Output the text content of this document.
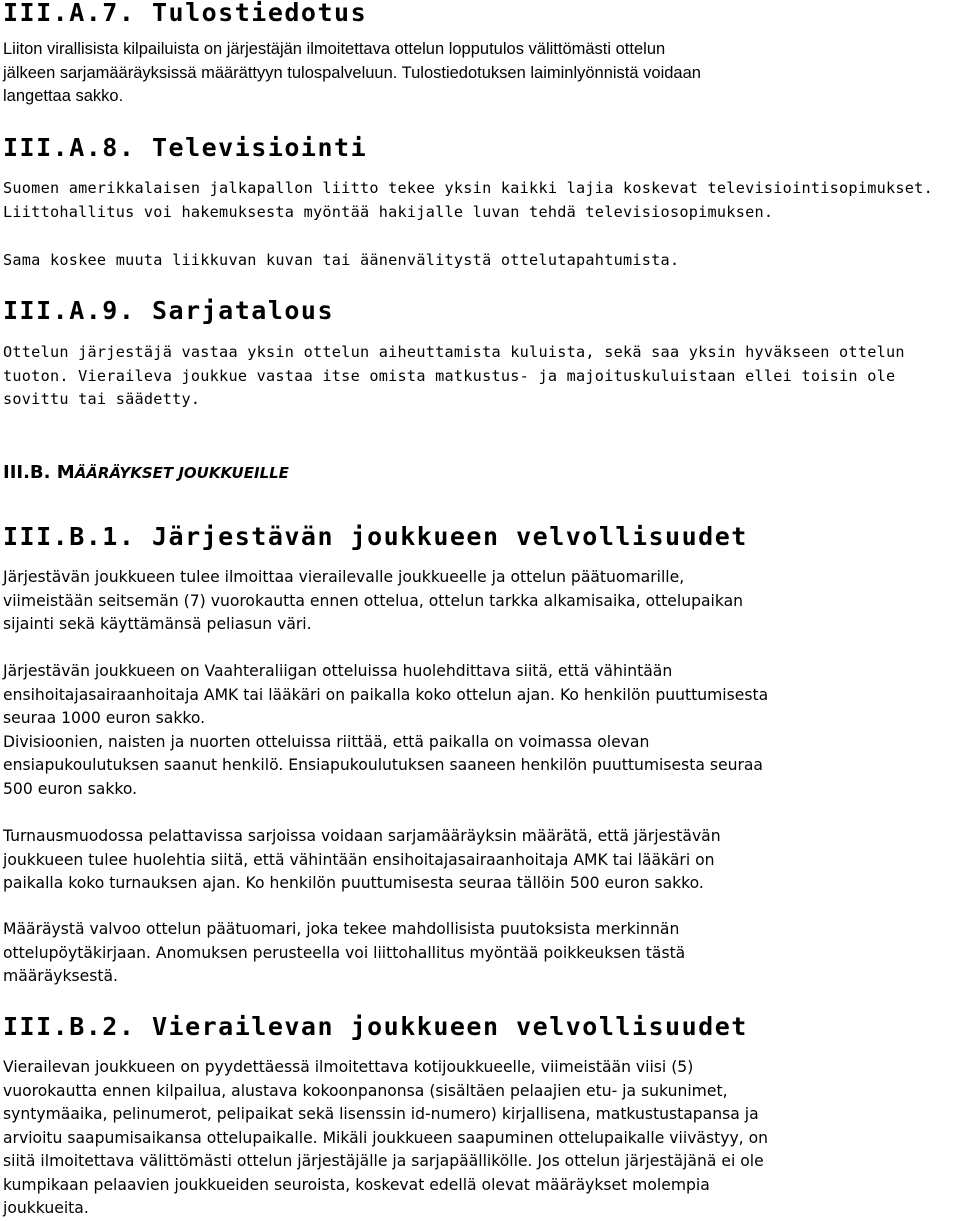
III.A.7. Tulostiedotus
Liiton virallisista kilpailuista on järjestäjän ilmoitettava ottelun lopputulos välittömästi ottelun
jälkeen sarjamääräyksissä määrättyyn tulospalveluun. Tulostiedotuksen laiminlyönnistä voidaan
langettaa sakko.
III.A.8. Televisiointi
Suomen amerikkalaisen jalkapallon liitto tekee yksin kaikki lajia koskevat televisiointisopimukset.
Liittohallitus voi hakemuksesta myöntää hakijalle luvan tehdä televisiosopimuksen.
Sama koskee muuta liikkuvan kuvan tai äänenvälitystä ottelutapahtumista.
III.A.9. Sarjatalous
Ottelun järjestäjä vastaa yksin ottelun aiheuttamista kuluista, sekä saa yksin hyväkseen ottelun
tuoton. Vieraileva joukkue vastaa itse omista matkustus- ja majoituskuluistaan ellei toisin ole
sovittu tai säädetty.
III.B. MÄÄRÄYKSET JOUKKUEILLE
III.B.1. Järjestävän joukkueen velvollisuudet
Järjestävän joukkueen tulee ilmoittaa vierailevalle joukkueelle ja ottelun päätuomarille,
viimeistään seitsemän (7) vuorokautta ennen ottelua, ottelun tarkka alkamisaika, ottelupaikan
sijainti sekä käyttämänsä peliasun väri.
Järjestävän joukkueen on Vaahteraliigan otteluissa huolehdittava siitä, että vähintään
ensihoitajasairaanhoitaja AMK tai lääkäri on paikalla koko ottelun ajan. Ko henkilön puuttumisesta
seuraa 1000 euron sakko.
Divisioonien, naisten ja nuorten otteluissa riittää, että paikalla on voimassa olevan
ensiapukoulutuksen saanut henkilö. Ensiapukoulutuksen saaneen henkilön puuttumisesta seuraa
500 euron sakko.
Turnausmuodossa pelattavissa sarjoissa voidaan sarjamääräyksin määrätä, että järjestävän
joukkueen tulee huolehtia siitä, että vähintään ensihoitajasairaanhoitaja AMK tai lääkäri on
paikalla koko turnauksen ajan. Ko henkilön puuttumisesta seuraa tällöin 500 euron sakko.
Määräystä valvoo ottelun päätuomari, joka tekee mahdollisista puutoksista merkinnän
ottelupöytäkirjaan. Anomuksen perusteella voi liittohallitus myöntää poikkeuksen tästä
määräyksestä.
III.B.2. Vierailevan joukkueen velvollisuudet
Vierailevan joukkueen on pyydettäessä ilmoitettava kotijoukkueelle, viimeistään viisi (5)
vuorokautta ennen kilpailua, alustava kokoonpanonsa (sisältäen pelaajien etu- ja sukunimet,
syntymäaika, pelinumerot, pelipaikat sekä lisenssin id-numero) kirjallisena, matkustustapansa ja
arvioitu saapumisaikansa ottelupaikalle. Mikäli joukkueen saapuminen ottelupaikalle viivästyy, on
siitä ilmoitettava välittömästi ottelun järjestäjälle ja sarjapäällikölle. Jos ottelun järjestäjänä ei ole
kumpikaan pelaavien joukkueiden seuroista, koskevat edellä olevat määräykset molempia
joukkueita.
